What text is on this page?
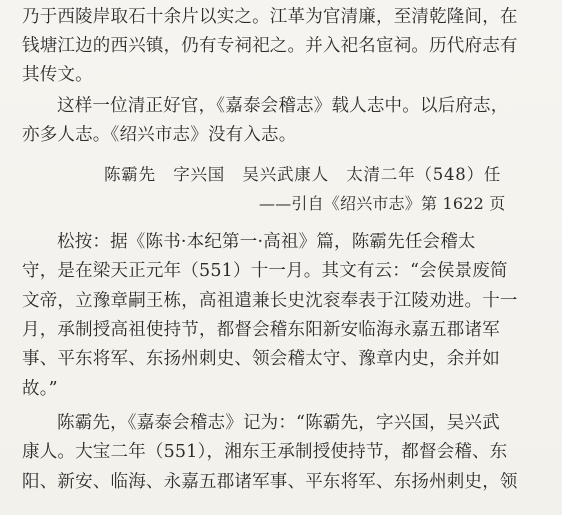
乃于西陵岸取石十余片以实之。江革为官清廉，至清乾隆间，在
钱塘江边的西兴镇，仍有专祠祀之。并入祀名宦祠。历代府志有
其传文。
这样一位清正好官，《嘉泰会稽志》载人志中。以后府志，
亦多人志。《绍兴市志》没有入志。
陈霸先　字兴国　吴兴武康人　太清二年（548）任
——引自《绍兴市志》第 1622 页
松按：据《陈书·本纪第一·高祖》篇，陈霸先任会稽太
守，是在梁天正元年（551）十一月。其文有云：“会侯景废简
文帝，立豫章嗣王栋，高祖遣兼长史沈衮奉表于江陵劝进。十一
月，承制授高祖使持节，都督会稽东阳新安临海永嘉五郡诸军
事、平东将军、东扬州刺史、领会稽太守、豫章内史，余并如
故。”
陈霸先，《嘉泰会稽志》记为：“陈霸先，字兴国，吴兴武
康人。大宝二年（551），湘东王承制授使持节，都督会稽、东
阳、新安、临海、永嘉五郡诸军事、平东将军、东扬州刺史，领
